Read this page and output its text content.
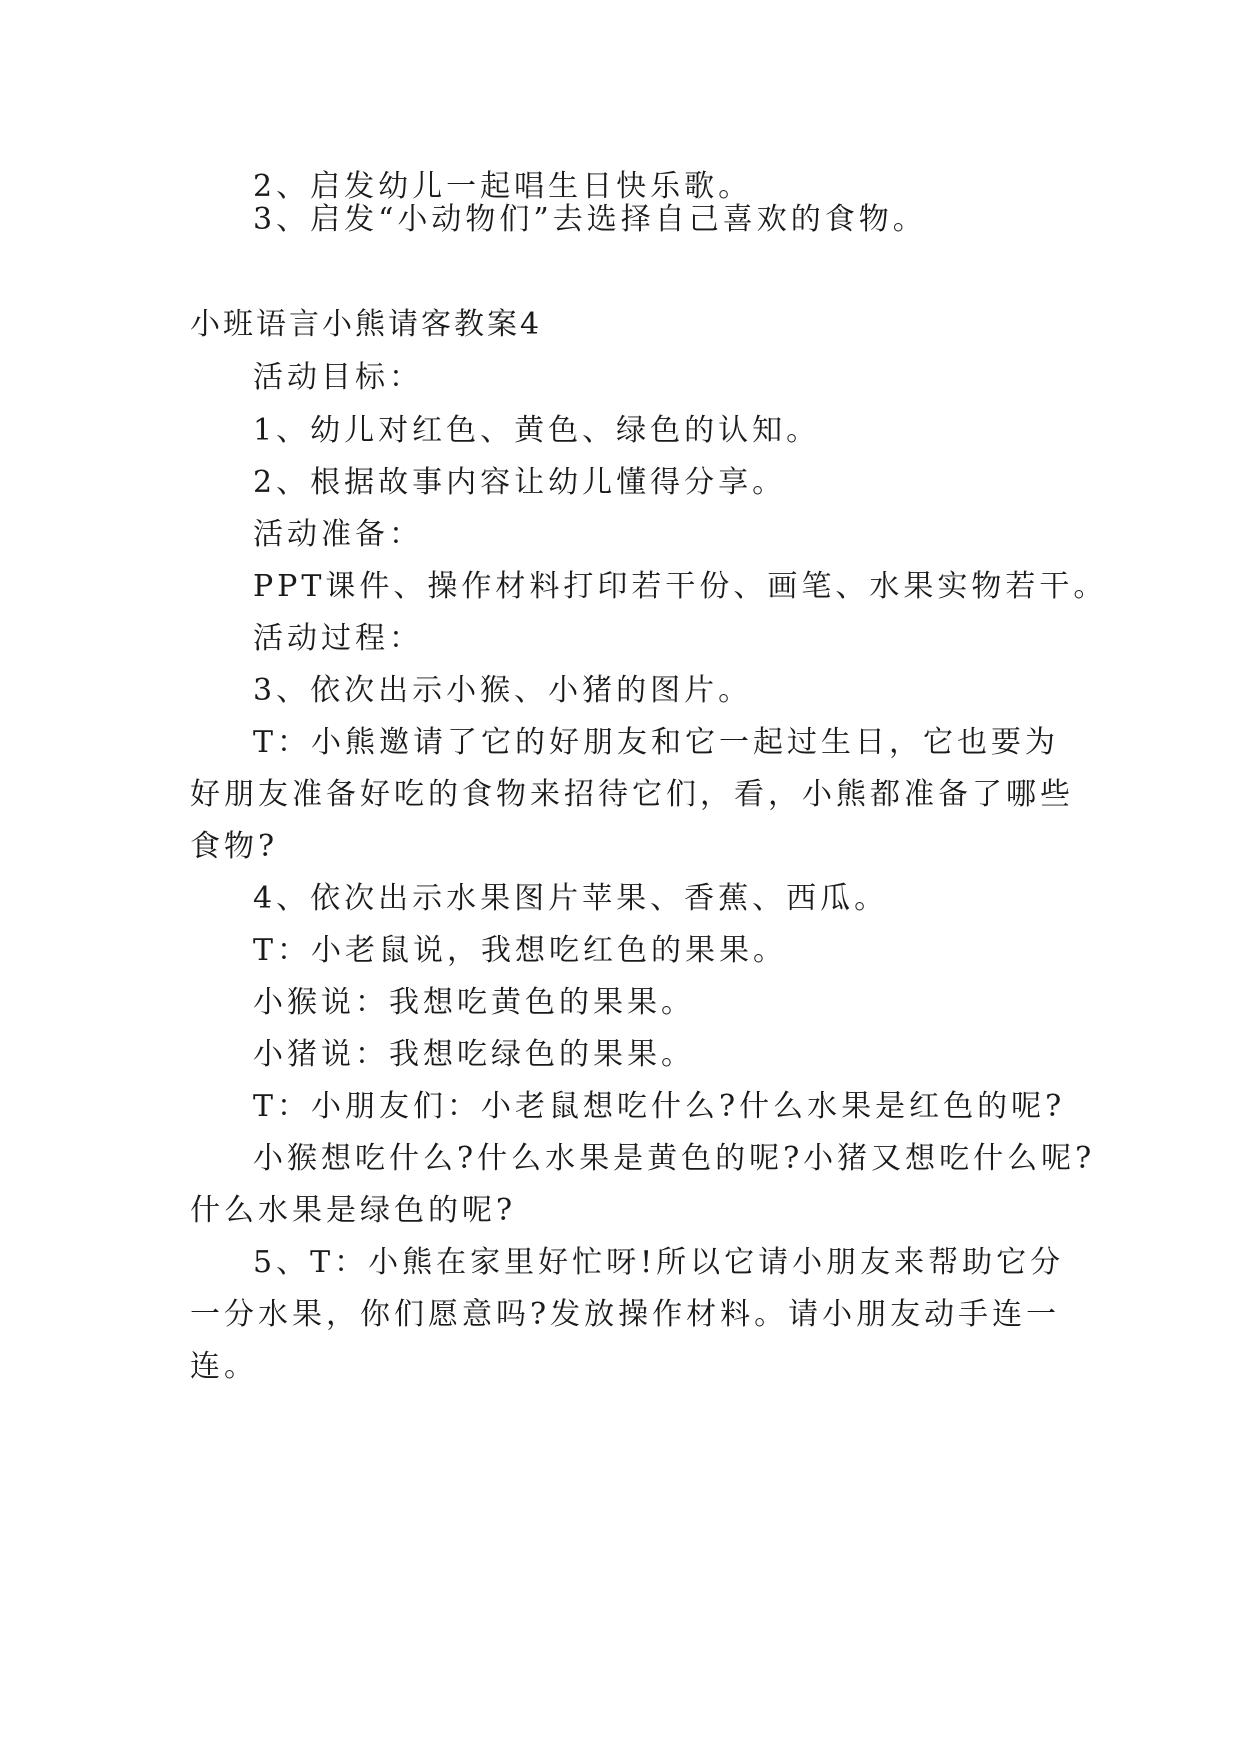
2、启发幼儿一起唱生日快乐歌。
3、启发“小动物们”去选择自己喜欢的食物。
小班语言小熊请客教案4
活动目标：
1、幼儿对红色、黄色、绿色的认知。
2、根据故事内容让幼儿懂得分享。
活动准备：
PPT课件、操作材料打印若干份、画笔、水果实物若干。
活动过程：
3、依次出示小猴、小猪的图片。
T：小熊邀请了它的好朋友和它一起过生日，它也要为
好朋友准备好吃的食物来招待它们，看，小熊都准备了哪些
食物?
4、依次出示水果图片苹果、香蕉、西瓜。
T：小老鼠说，我想吃红色的果果。
小猴说：我想吃黄色的果果。
小猪说：我想吃绿色的果果。
T：小朋友们：小老鼠想吃什么?什么水果是红色的呢?
小猴想吃什么?什么水果是黄色的呢?小猪又想吃什么呢?
什么水果是绿色的呢?
5、T：小熊在家里好忙呀!所以它请小朋友来帮助它分
一分水果，你们愿意吗?发放操作材料。请小朋友动手连一
连。
